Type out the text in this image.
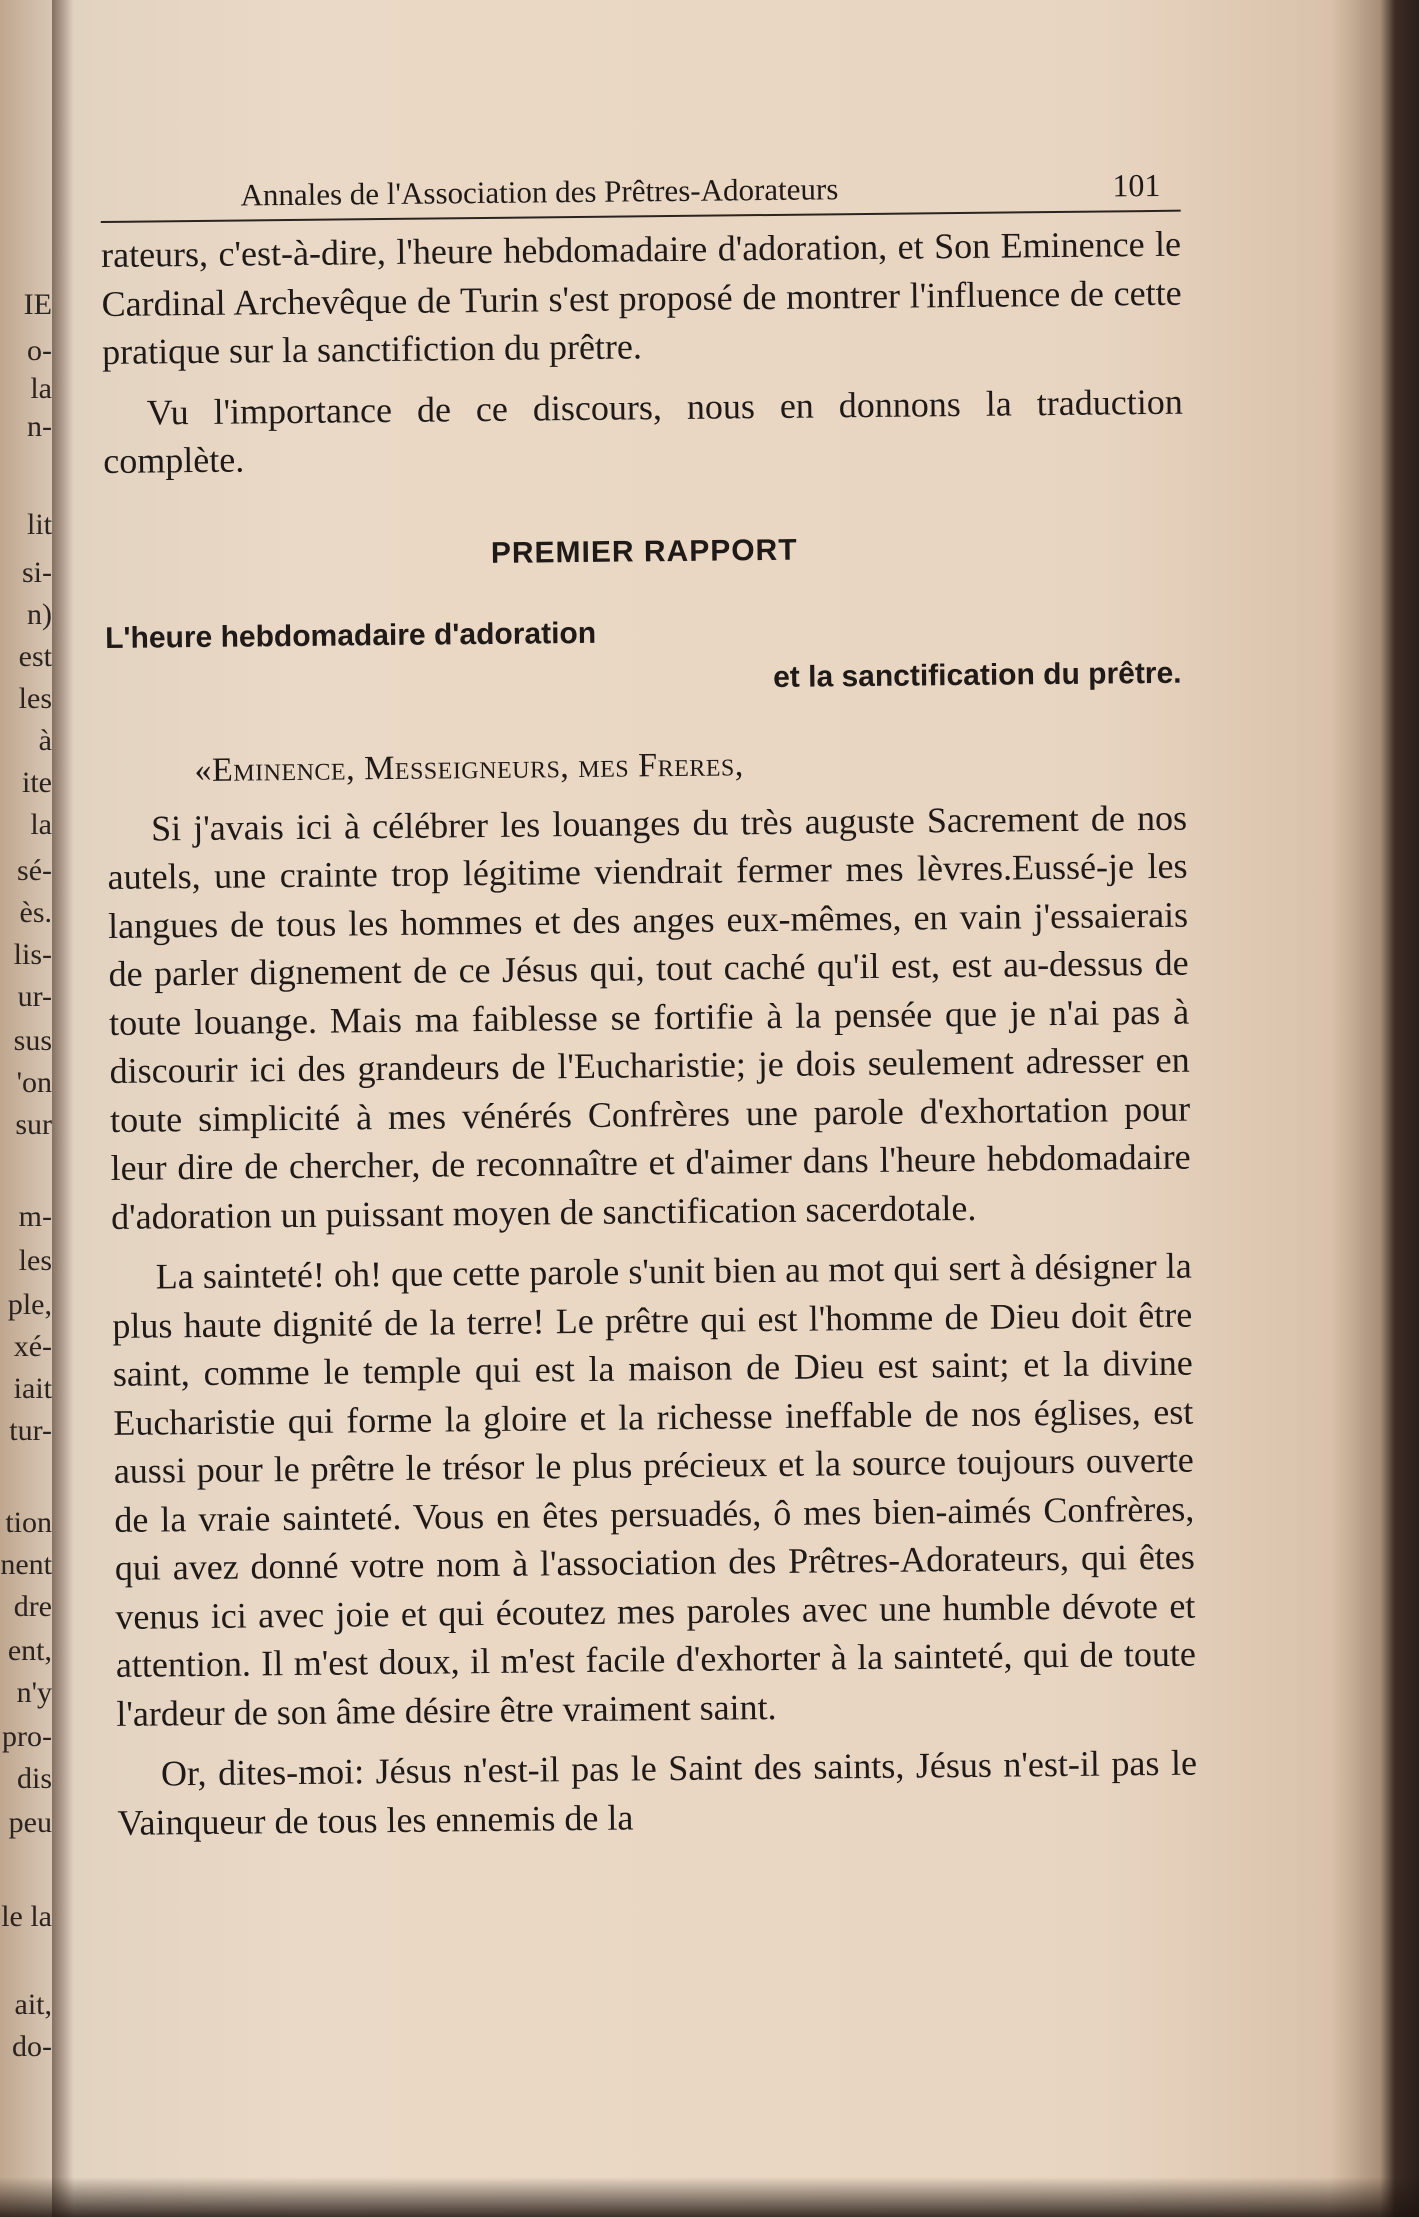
IE
o-
la
n-
lit
si-
n)
est
les
à
ite
la
sé-
ès.
lis-
ur-
sus
'on
sur
m-
les
ple,
xé-
iait
tur-
tion
nent
dre
ent,
n'y
pro-
dis
peu
le la
ait,
do-
Annales de l'Association des Prêtres-Adorateurs	101

rateurs, c'est-à-dire, l'heure hebdomadaire d'adoration, et Son Eminence le Cardinal Archevêque de Turin s'est proposé de montrer l'influence de cette pratique sur la sanctifiction du prêtre.

Vu l'importance de ce discours, nous en donnons la traduction complète.

PREMIER RAPPORT
L'heure hebdomadaire d'adoration
et la sanctification du prêtre.
«Eminence, Messeigneurs, mes Freres,

Si j'avais ici à célébrer les louanges du très auguste Sacrement de nos autels, une crainte trop légitime viendrait fermer mes lèvres.Eussé-je les langues de tous les hommes et des anges eux-mêmes, en vain j'essaierais de parler dignement de ce Jésus qui, tout caché qu'il est, est au-dessus de toute louange. Mais ma faiblesse se fortifie à la pensée que je n'ai pas à discourir ici des grandeurs de l'Eucharistie; je dois seulement adresser en toute simplicité à mes vénérés Confrères une parole d'exhortation pour leur dire de chercher, de reconnaître et d'aimer dans l'heure hebdomadaire d'adoration un puissant moyen de sanctification sacerdotale.

La sainteté! oh! que cette parole s'unit bien au mot qui sert à désigner la plus haute dignité de la terre! Le prêtre qui est l'homme de Dieu doit être saint, comme le temple qui est la maison de Dieu est saint; et la divine Eucharistie qui forme la gloire et la richesse ineffable de nos églises, est aussi pour le prêtre le trésor le plus précieux et la source toujours ouverte de la vraie sainteté. Vous en êtes persuadés, ô mes bien-aimés Confrères, qui avez donné votre nom à l'association des Prêtres-Adorateurs, qui êtes venus ici avec joie et qui écoutez mes paroles avec une humble dévote et attention. Il m'est doux, il m'est facile d'exhorter à la sainteté, qui de toute l'ardeur de son âme désire être vraiment saint.

Or, dites-moi: Jésus n'est-il pas le Saint des saints, Jésus n'est-il pas le Vainqueur de tous les ennemis de la
